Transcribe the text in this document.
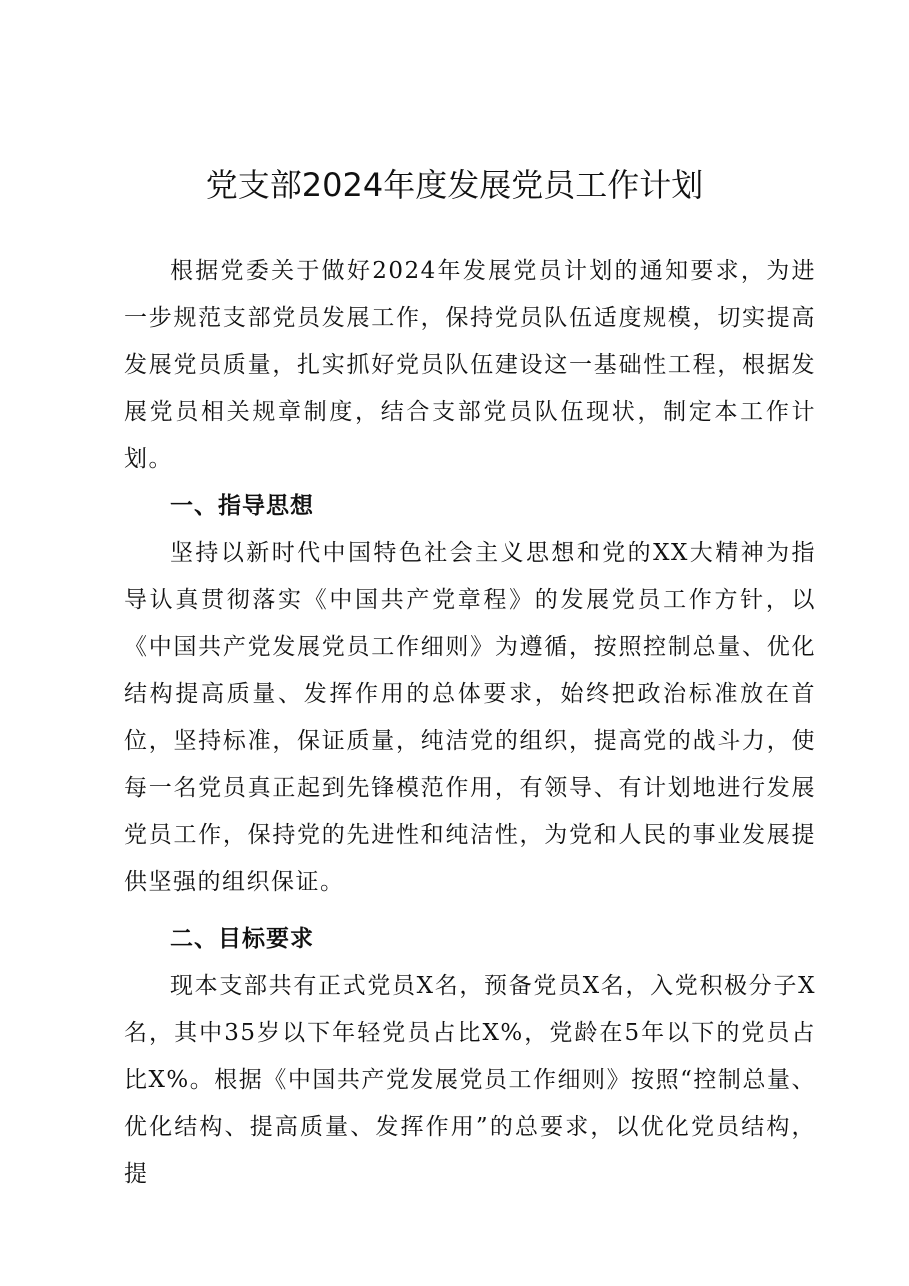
党支部2024年度发展党员工作计划

根据党委关于做好2024年发展党员计划的通知要求，为进一步规范支部党员发展工作，保持党员队伍适度规模，切实提高发展党员质量，扎实抓好党员队伍建设这一基础性工程，根据发展党员相关规章制度，结合支部党员队伍现状，制定本工作计划。

一、指导思想

坚持以新时代中国特色社会主义思想和党的XX大精神为指导认真贯彻落实《中国共产党章程》的发展党员工作方针，以《中国共产党发展党员工作细则》为遵循，按照控制总量、优化结构提高质量、发挥作用的总体要求，始终把政治标准放在首位，坚持标准，保证质量，纯洁党的组织，提高党的战斗力，使每一名党员真正起到先锋模范作用，有领导、有计划地进行发展党员工作，保持党的先进性和纯洁性，为党和人民的事业发展提供坚强的组织保证。

二、目标要求

现本支部共有正式党员X名，预备党员X名，入党积极分子X名，其中35岁以下年轻党员占比X%，党龄在5年以下的党员占比X%。根据《中国共产党发展党员工作细则》按照“控制总量、优化结构、提高质量、发挥作用”的总要求，以优化党员结构，提
